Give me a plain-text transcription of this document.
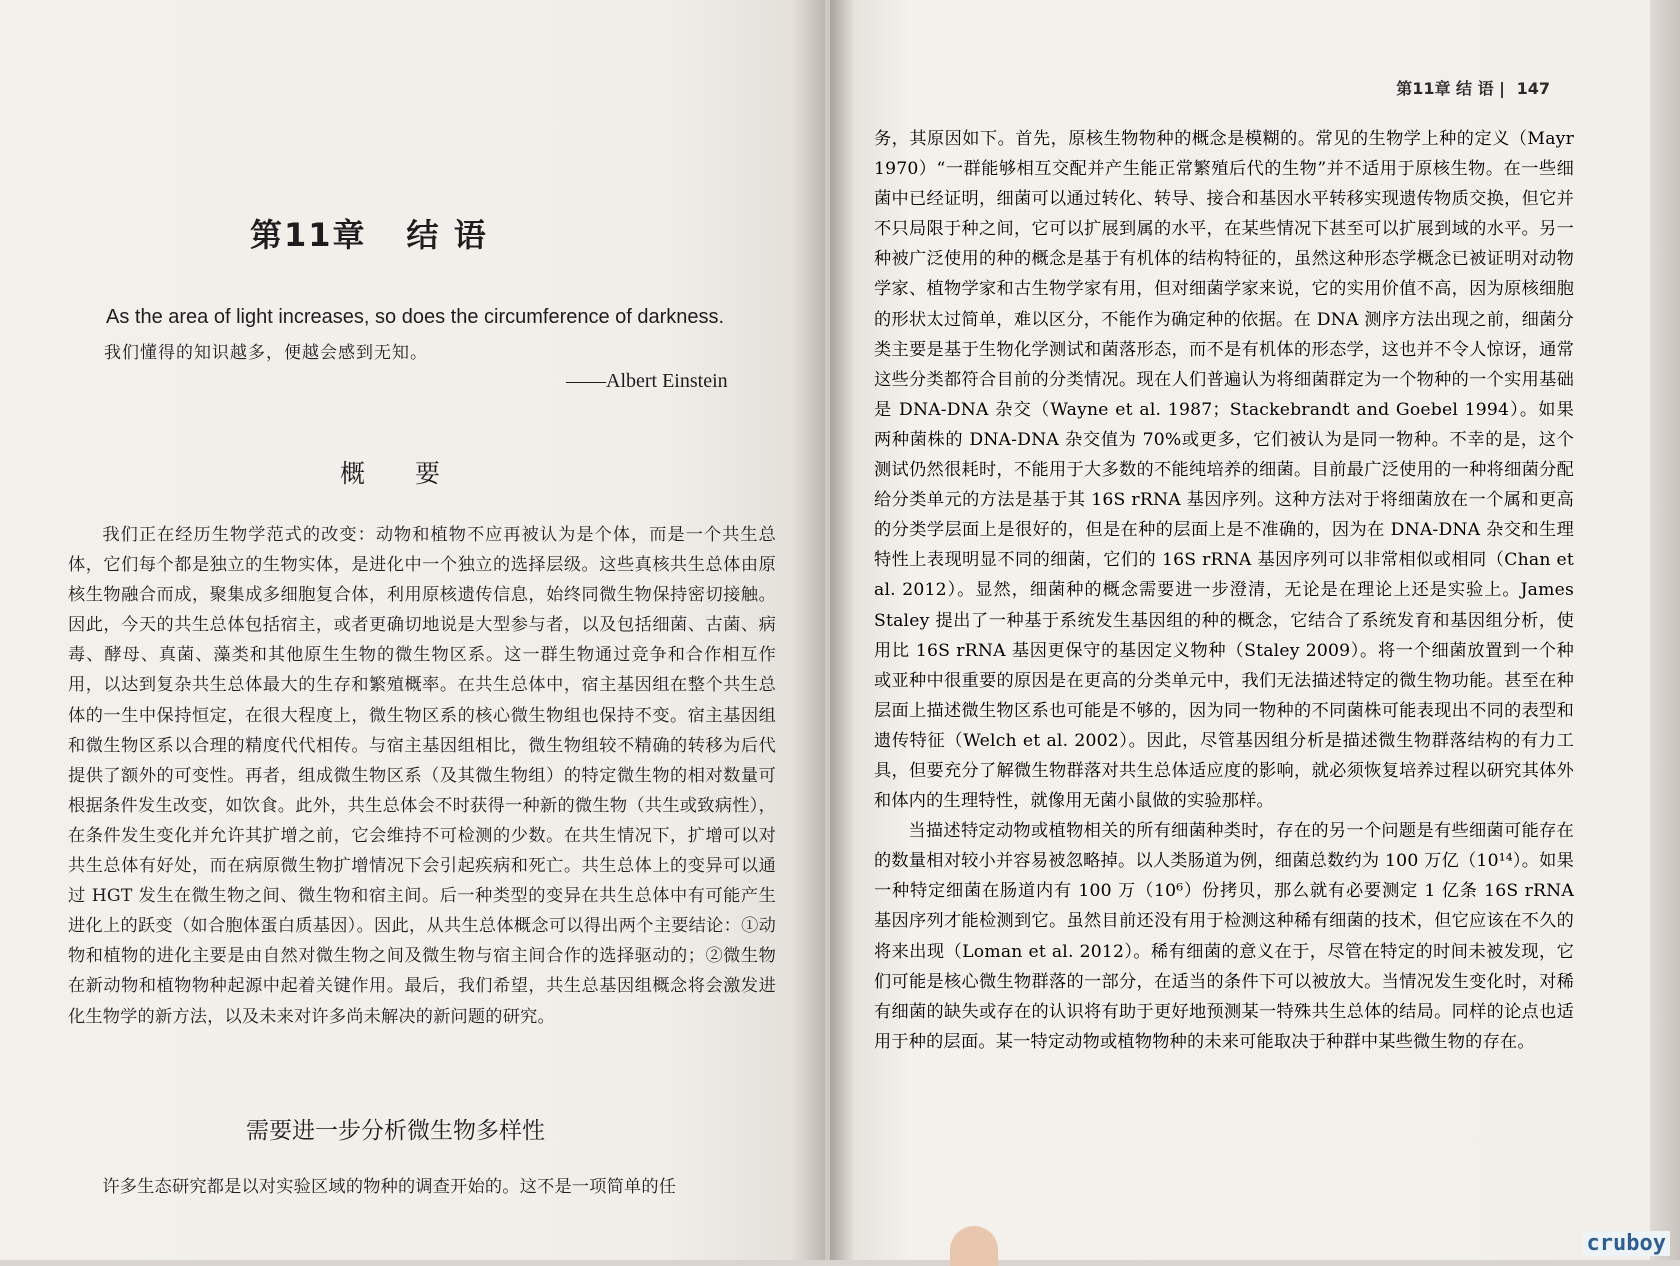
第11章 结 语
As the area of light increases, so does the circumference of darkness.
我们懂得的知识越多，便越会感到无知。
——Albert Einstein
概要

我们正在经历生物学范式的改变：动物和植物不应再被认为是个体，而是一个共生总体，它们每个都是独立的生物实体，是进化中一个独立的选择层级。这些真核共生总体由原核生物融合而成，聚集成多细胞复合体，利用原核遗传信息，始终同微生物保持密切接触。因此，今天的共生总体包括宿主，或者更确切地说是大型参与者，以及包括细菌、古菌、病毒、酵母、真菌、藻类和其他原生生物的微生物区系。这一群生物通过竞争和合作相互作用，以达到复杂共生总体最大的生存和繁殖概率。在共生总体中，宿主基因组在整个共生总体的一生中保持恒定，在很大程度上，微生物区系的核心微生物组也保持不变。宿主基因组和微生物区系以合理的精度代代相传。与宿主基因组相比，微生物组较不精确的转移为后代提供了额外的可变性。再者，组成微生物区系（及其微生物组）的特定微生物的相对数量可根据条件发生改变，如饮食。此外，共生总体会不时获得一种新的微生物（共生或致病性），在条件发生变化并允许其扩增之前，它会维持不可检测的少数。在共生情况下，扩增可以对共生总体有好处，而在病原微生物扩增情况下会引起疾病和死亡。共生总体上的变异可以通过 HGT 发生在微生物之间、微生物和宿主间。后一种类型的变异在共生总体中有可能产生进化上的跃变（如合胞体蛋白质基因）。因此，从共生总体概念可以得出两个主要结论：①动物和植物的进化主要是由自然对微生物之间及微生物与宿主间合作的选择驱动的；②微生物在新动物和植物物种起源中起着关键作用。最后，我们希望，共生总基因组概念将会激发进化生物学的新方法，以及未来对许多尚未解决的新问题的研究。

需要进一步分析微生物多样性

许多生态研究都是以对实验区域的物种的调查开始的。这不是一项简单的任

第11章 结 语 | 147

务，其原因如下。首先，原核生物物种的概念是模糊的。常见的生物学上种的定义（Mayr 1970）“一群能够相互交配并产生能正常繁殖后代的生物”并不适用于原核生物。在一些细菌中已经证明，细菌可以通过转化、转导、接合和基因水平转移实现遗传物质交换，但它并不只局限于种之间，它可以扩展到属的水平，在某些情况下甚至可以扩展到域的水平。另一种被广泛使用的种的概念是基于有机体的结构特征的，虽然这种形态学概念已被证明对动物学家、植物学家和古生物学家有用，但对细菌学家来说，它的实用价值不高，因为原核细胞的形状太过简单，难以区分，不能作为确定种的依据。在 DNA 测序方法出现之前，细菌分类主要是基于生物化学测试和菌落形态，而不是有机体的形态学，这也并不令人惊讶，通常这些分类都符合目前的分类情况。现在人们普遍认为将细菌群定为一个物种的一个实用基础是 DNA-DNA 杂交（Wayne et al. 1987；Stackebrandt and Goebel 1994）。如果两种菌株的 DNA-DNA 杂交值为 70%或更多，它们被认为是同一物种。不幸的是，这个测试仍然很耗时，不能用于大多数的不能纯培养的细菌。目前最广泛使用的一种将细菌分配给分类单元的方法是基于其 16S rRNA 基因序列。这种方法对于将细菌放在一个属和更高的分类学层面上是很好的，但是在种的层面上是不准确的，因为在 DNA-DNA 杂交和生理特性上表现明显不同的细菌，它们的 16S rRNA 基因序列可以非常相似或相同（Chan et al. 2012）。显然，细菌种的概念需要进一步澄清，无论是在理论上还是实验上。James Staley 提出了一种基于系统发生基因组的种的概念，它结合了系统发育和基因组分析，使用比 16S rRNA 基因更保守的基因定义物种（Staley 2009）。将一个细菌放置到一个种或亚种中很重要的原因是在更高的分类单元中，我们无法描述特定的微生物功能。甚至在种层面上描述微生物区系也可能是不够的，因为同一物种的不同菌株可能表现出不同的表型和遗传特征（Welch et al. 2002）。因此，尽管基因组分析是描述微生物群落结构的有力工具，但要充分了解微生物群落对共生总体适应度的影响，就必须恢复培养过程以研究其体外和体内的生理特性，就像用无菌小鼠做的实验那样。

当描述特定动物或植物相关的所有细菌种类时，存在的另一个问题是有些细菌可能存在的数量相对较小并容易被忽略掉。以人类肠道为例，细菌总数约为 100 万亿（10¹⁴）。如果一种特定细菌在肠道内有 100 万（10⁶）份拷贝，那么就有必要测定 1 亿条 16S rRNA 基因序列才能检测到它。虽然目前还没有用于检测这种稀有细菌的技术，但它应该在不久的将来出现（Loman et al. 2012）。稀有细菌的意义在于，尽管在特定的时间未被发现，它们可能是核心微生物群落的一部分，在适当的条件下可以被放大。当情况发生变化时，对稀有细菌的缺失或存在的认识将有助于更好地预测某一特殊共生总体的结局。同样的论点也适用于种的层面。某一特定动物或植物物种的未来可能取决于种群中某些微生物的存在。

cruboy
